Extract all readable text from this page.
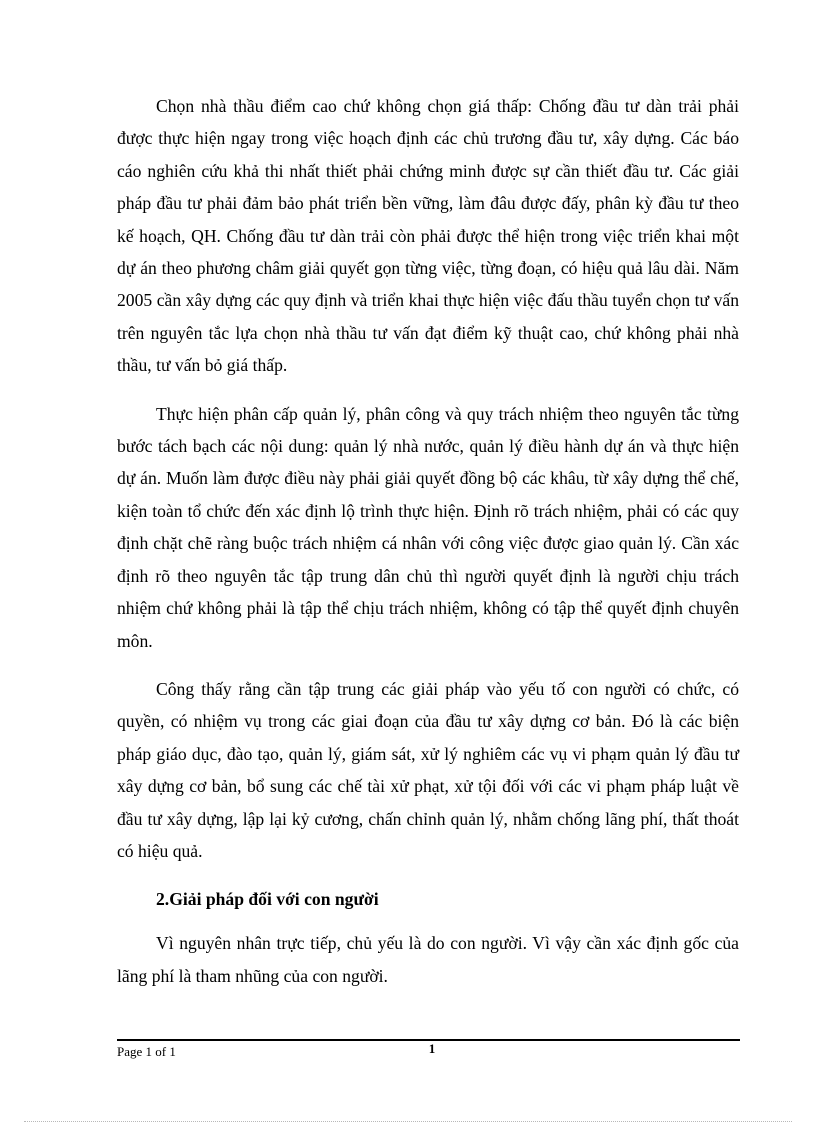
Chọn nhà thầu điểm cao chứ không chọn giá thấp: Chống đầu tư dàn trải phải được thực hiện ngay trong việc hoạch định các chủ trương đầu tư, xây dựng. Các báo cáo nghiên cứu khả thi nhất thiết phải chứng minh được sự cần thiết đầu tư. Các giải pháp đầu tư phải đảm bảo phát triển bền vững, làm đâu được đấy, phân kỳ đầu tư theo kế hoạch, QH. Chống đầu tư dàn trải còn phải được thể hiện trong việc triển khai một dự án theo phương châm giải quyết gọn từng việc, từng đoạn, có hiệu quả lâu dài. Năm 2005 cần xây dựng các quy định và triển khai thực hiện việc đấu thầu tuyển chọn tư vấn trên nguyên tắc lựa chọn nhà thầu tư vấn đạt điểm kỹ thuật cao, chứ không phải nhà thầu, tư vấn bỏ giá thấp.

Thực hiện phân cấp quản lý, phân công và quy trách nhiệm theo nguyên tắc từng bước tách bạch các nội dung: quản lý nhà nước, quản lý điều hành dự án và thực hiện dự án. Muốn làm được điều này phải giải quyết đồng bộ các khâu, từ xây dựng thể chế, kiện toàn tổ chức đến xác định lộ trình thực hiện. Định rõ trách nhiệm, phải có các quy định chặt chẽ ràng buộc trách nhiệm cá nhân với công việc được giao quản lý. Cần xác định rõ theo nguyên tắc tập trung dân chủ thì người quyết định là người chịu trách nhiệm chứ không phải là tập thể chịu trách nhiệm, không có tập thể quyết định chuyên môn.

Công thấy rằng cần tập trung các giải pháp vào yếu tố con người có chức, có quyền, có nhiệm vụ trong các giai đoạn của đầu tư xây dựng cơ bản. Đó là các biện pháp giáo dục, đào tạo, quản lý, giám sát, xử lý nghiêm các vụ vi phạm quản lý đầu tư xây dựng cơ bản, bổ sung các chế tài xử phạt, xử tội đối với các vi phạm pháp luật về đầu tư xây dựng, lập lại kỷ cương, chấn chỉnh quản lý, nhằm chống lãng phí, thất thoát có hiệu quả.

2.Giải pháp đối với con người

Vì nguyên nhân trực tiếp, chủ yếu là do con người. Vì vậy cần xác định gốc của lãng phí là tham nhũng của con người.

Page 1 of 1	1
